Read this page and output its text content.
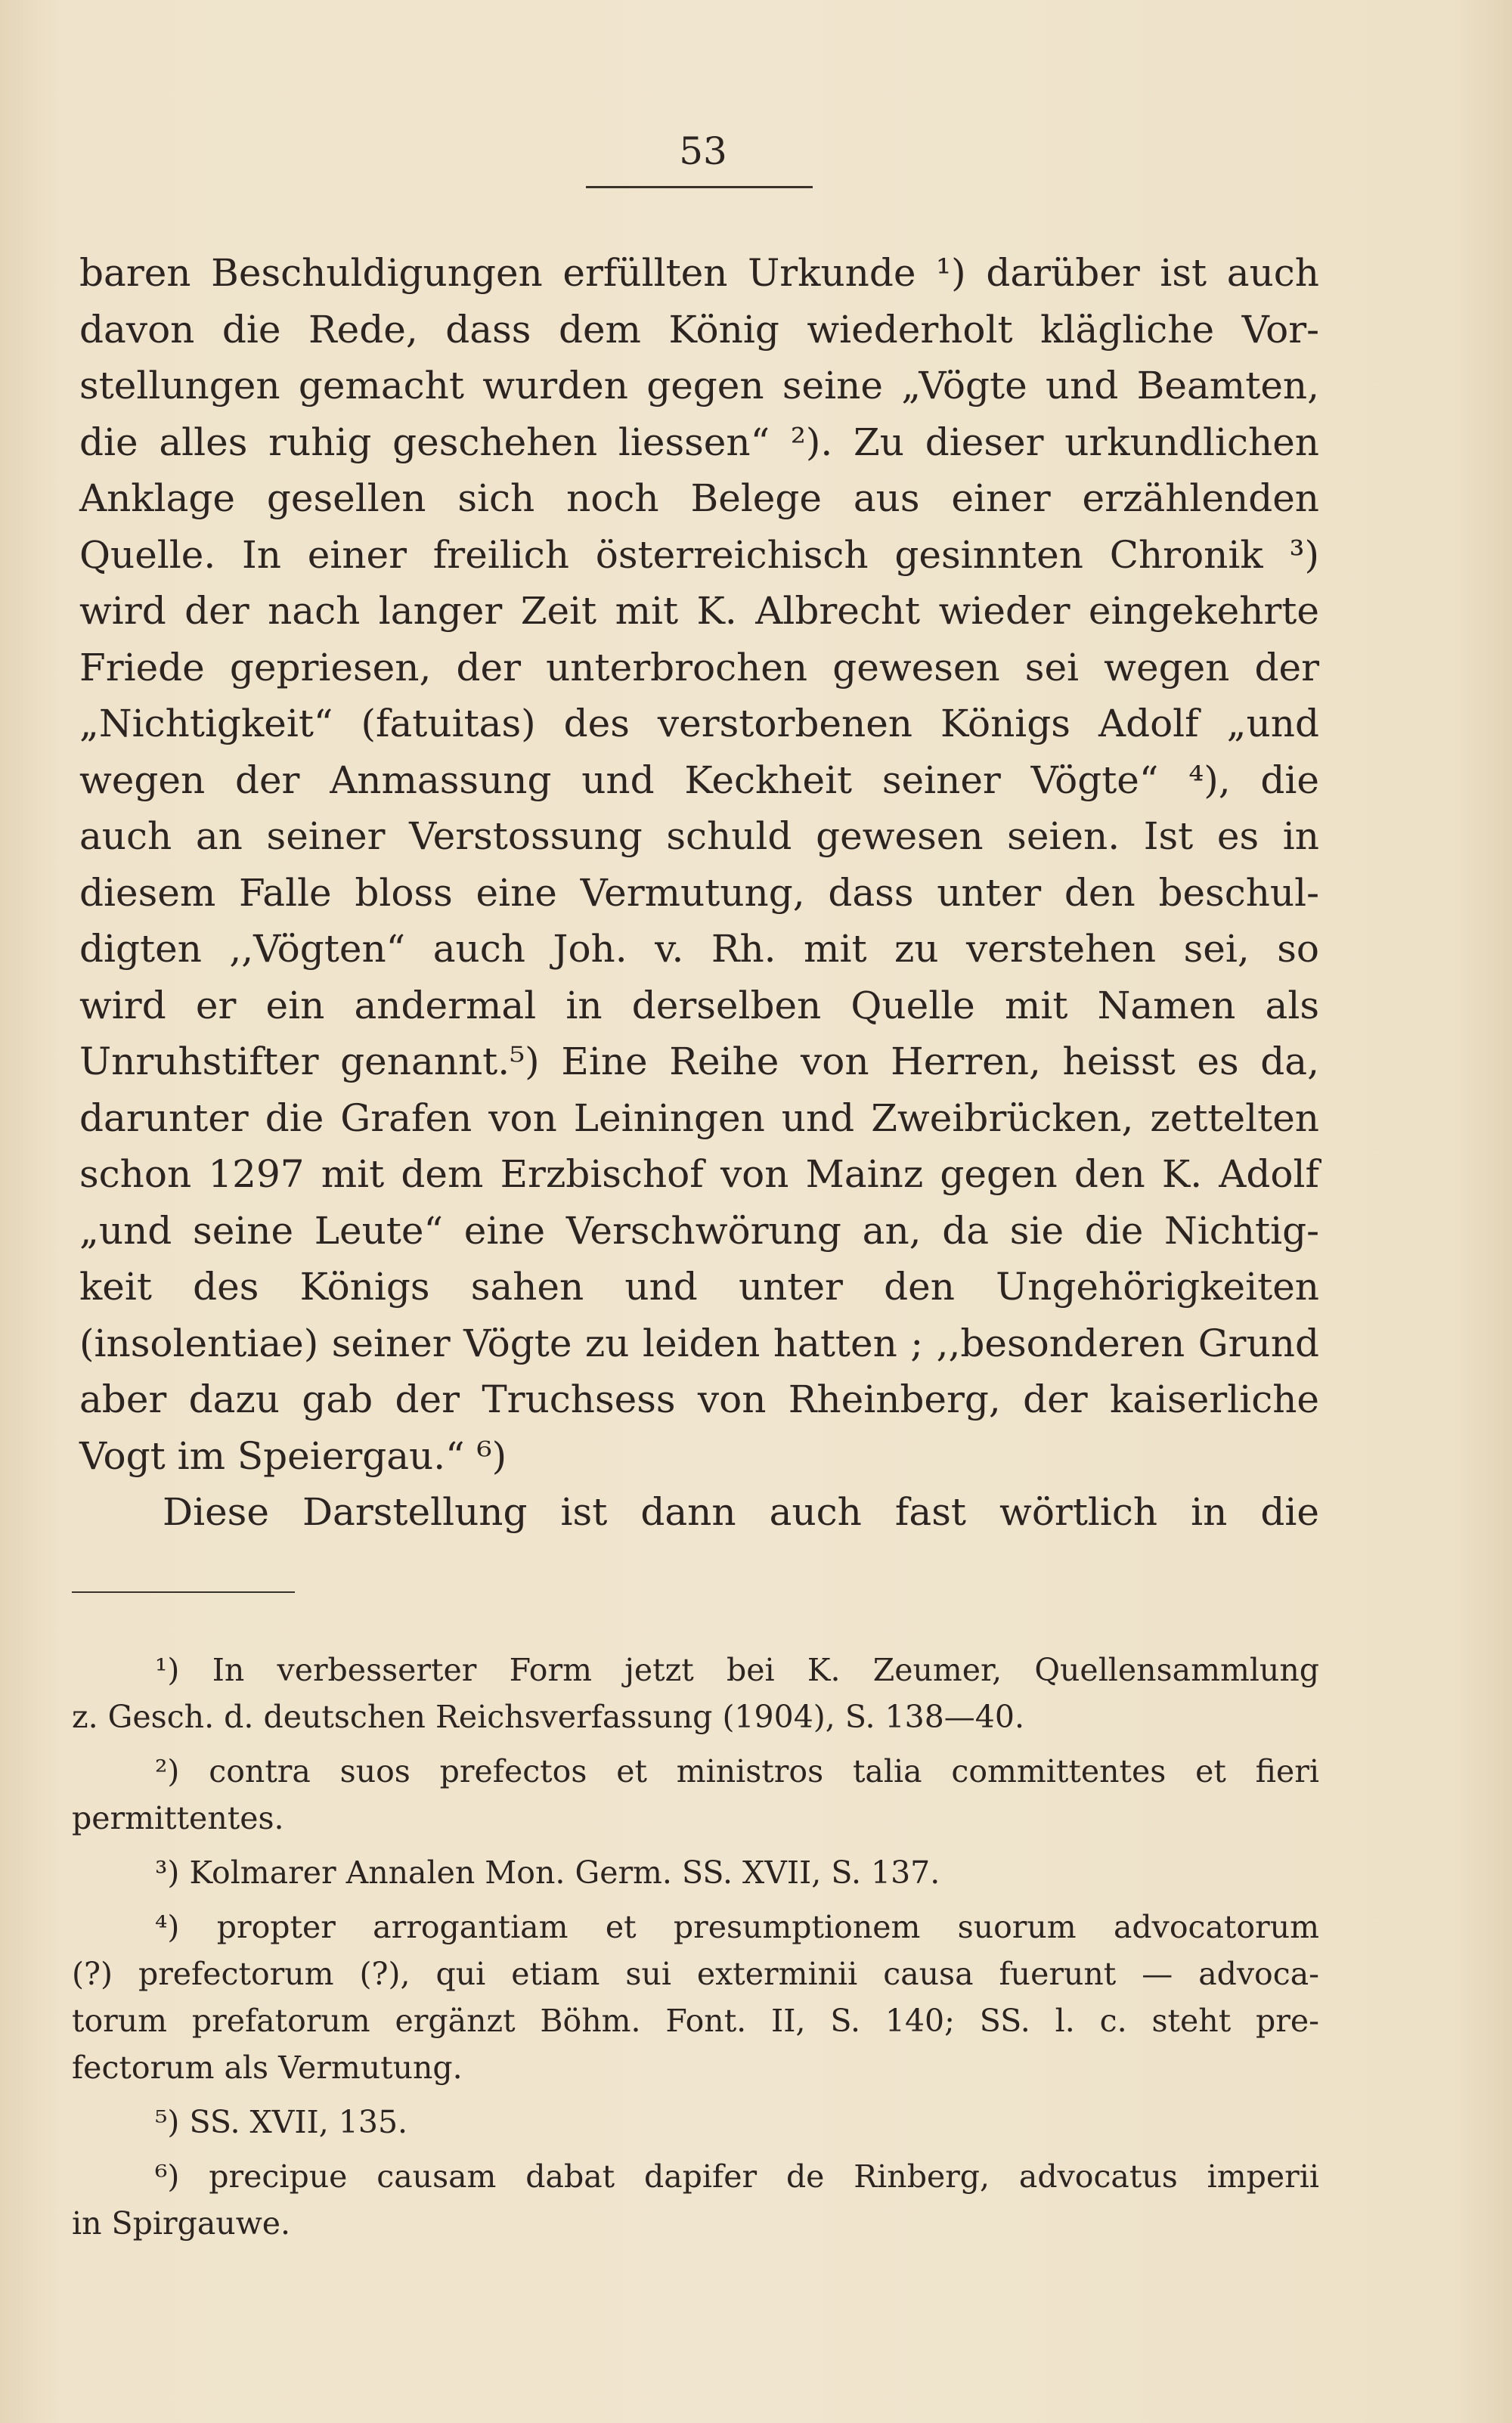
53
baren Beschuldigungen erfüllten Urkunde ¹) darüber ist auch
davon die Rede, dass dem König wiederholt klägliche Vor-
stellungen gemacht wurden gegen seine „Vögte und Beamten,
die alles ruhig geschehen liessen“ ²). Zu dieser urkundlichen
Anklage gesellen sich noch Belege aus einer erzählenden
Quelle. In einer freilich österreichisch gesinnten Chronik ³)
wird der nach langer Zeit mit K. Albrecht wieder eingekehrte
Friede gepriesen, der unterbrochen gewesen sei wegen der
„Nichtigkeit“ (fatuitas) des verstorbenen Königs Adolf „und
wegen der Anmassung und Keckheit seiner Vögte“ ⁴), die
auch an seiner Verstossung schuld gewesen seien. Ist es in
diesem Falle bloss eine Vermutung, dass unter den beschul-
digten ,,Vögten“ auch Joh. v. Rh. mit zu verstehen sei, so
wird er ein andermal in derselben Quelle mit Namen als
Unruhstifter genannt.⁵) Eine Reihe von Herren, heisst es da,
darunter die Grafen von Leiningen und Zweibrücken, zettelten
schon 1297 mit dem Erzbischof von Mainz gegen den K. Adolf
„und seine Leute“ eine Verschwörung an, da sie die Nichtig-
keit des Königs sahen und unter den Ungehörigkeiten
(insolentiae) seiner Vögte zu leiden hatten ; ,,besonderen Grund
aber dazu gab der Truchsess von Rheinberg, der kaiserliche
Vogt im Speiergau.“ ⁶)
Diese Darstellung ist dann auch fast wörtlich in die
¹) In verbesserter Form jetzt bei K. Zeumer, Quellensammlung
z. Gesch. d. deutschen Reichsverfassung (1904), S. 138—40.
²) contra suos prefectos et ministros talia committentes et fieri
permittentes.
³) Kolmarer Annalen Mon. Germ. SS. XVII, S. 137.
⁴) propter arrogantiam et presumptionem suorum advocatorum
(?) prefectorum (?), qui etiam sui exterminii causa fuerunt — advoca-
torum prefatorum ergänzt Böhm. Font. II, S. 140; SS. l. c. steht pre-
fectorum als Vermutung.
⁵) SS. XVII, 135.
⁶) precipue causam dabat dapifer de Rinberg, advocatus imperii
in Spirgauwe.
